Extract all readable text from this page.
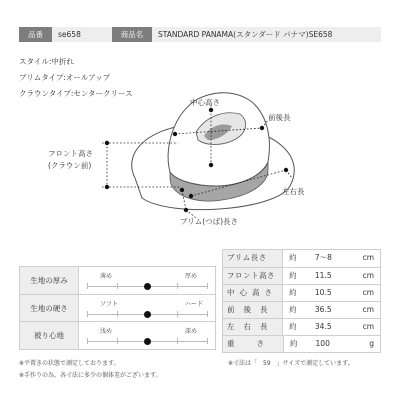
品番	se658	商品名	STANDARD PANAMA(スタンダード パナマ)SE658
スタイル:中折れ
ブリムタイプ:オールアップ
クラウンタイプ:センタークリース
中心高さ
前後長
フロント高さ
(クラウン前)
左右長
ブリム(つば)長さ
生地の厚み	薄め	厚め
生地の硬さ	ソフト	ハード
被り心地	浅め	深め
ブリム長さ	約	7〜8	cm
フロント高さ	約	11.5	cm
中心高さ	約	10.5	cm
前後長	約	36.5	cm
左右長	約	34.5	cm
重さ 約	100	g
※平置きの状態で測定しております。
※手作りの為、各寸法に多少の個体差がございます。
※寸法は「　59　」サイズで測定しています。
